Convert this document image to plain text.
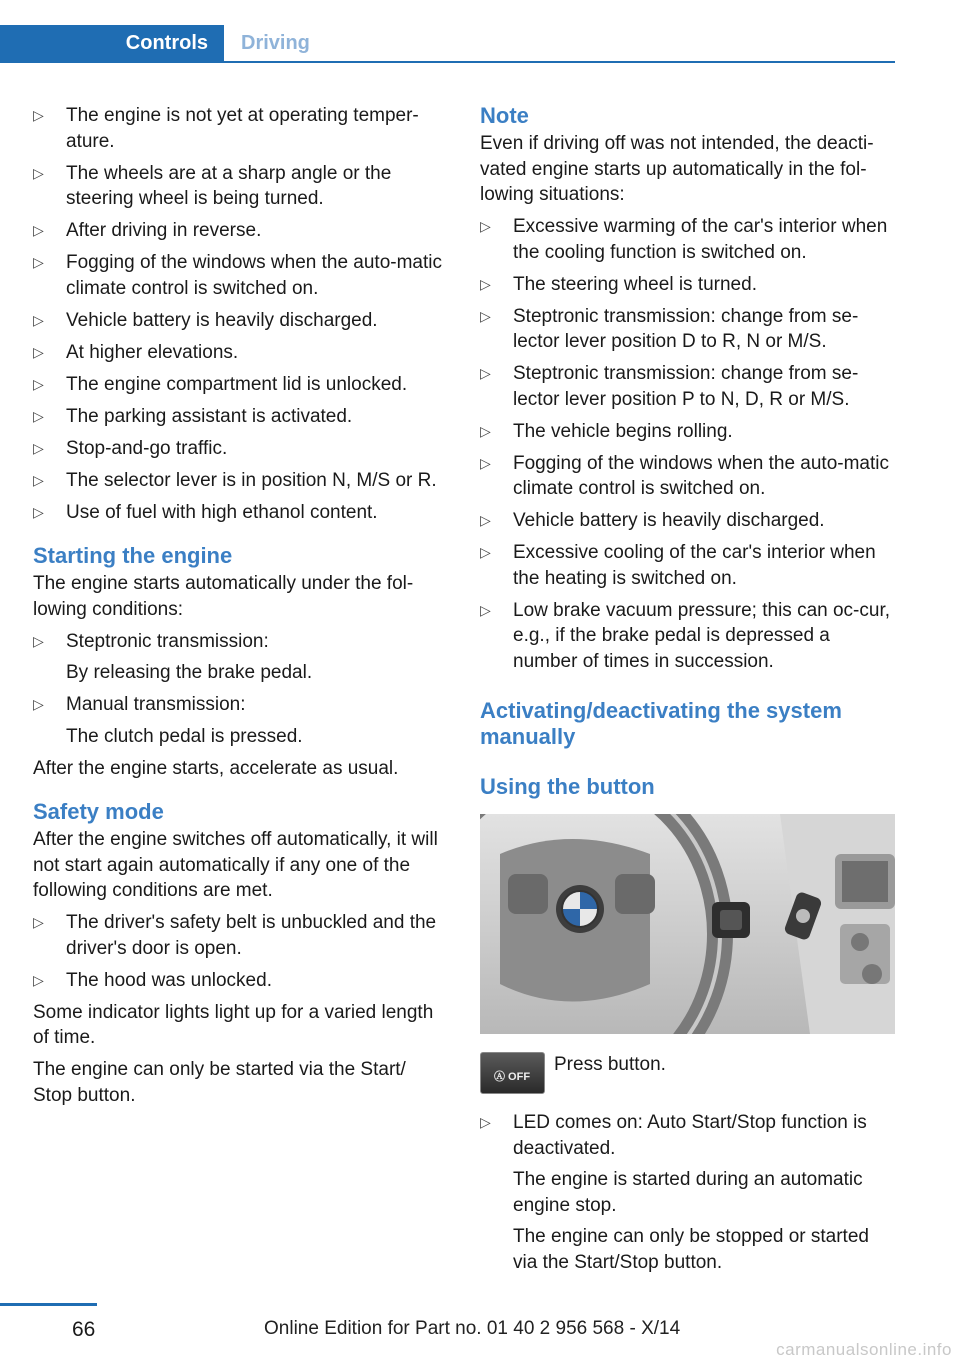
Controls	Driving
▷ The engine is not yet at operating temper‐ature.
▷ The wheels are at a sharp angle or the steering wheel is being turned.
▷ After driving in reverse.
▷ Fogging of the windows when the auto‐matic climate control is switched on.
▷ Vehicle battery is heavily discharged.
▷ At higher elevations.
▷ The engine compartment lid is unlocked.
▷ The parking assistant is activated.
▷ Stop-and-go traffic.
▷ The selector lever is in position N, M/S or R.
▷ Use of fuel with high ethanol content.
Starting the engine

The engine starts automatically under the fol‐lowing conditions:

▷ Steptronic transmission:
By releasing the brake pedal.
▷ Manual transmission:
The clutch pedal is pressed.

After the engine starts, accelerate as usual.

Safety mode

After the engine switches off automatically, it will not start again automatically if any one of the following conditions are met.

▷ The driver's safety belt is unbuckled and the driver's door is open.
▷ The hood was unlocked.

Some indicator lights light up for a varied length of time.

The engine can only be started via the Start/ Stop button.

Note

Even if driving off was not intended, the deacti‐vated engine starts up automatically in the fol‐lowing situations:

▷ Excessive warming of the car's interior when the cooling function is switched on.
▷ The steering wheel is turned.
▷ Steptronic transmission: change from se‐lector lever position D to R, N or M/S.
▷ Steptronic transmission: change from se‐lector lever position P to N, D, R or M/S.
▷ The vehicle begins rolling.
▷ Fogging of the windows when the auto‐matic climate control is switched on.
▷ Vehicle battery is heavily discharged.
▷ Excessive cooling of the car's interior when the heating is switched on.
▷ Low brake vacuum pressure; this can oc‐cur, e.g., if the brake pedal is depressed a number of times in succession.
Activating/deactivating the system manually
Using the button
Ⓐ OFF
Press button.
▷ LED comes on: Auto Start/Stop function is deactivated.
The engine is started during an automatic engine stop.
The engine can only be stopped or started via the Start/Stop button.
66	Online Edition for Part no. 01 40 2 956 568 - X/14
carmanualsonline.info
